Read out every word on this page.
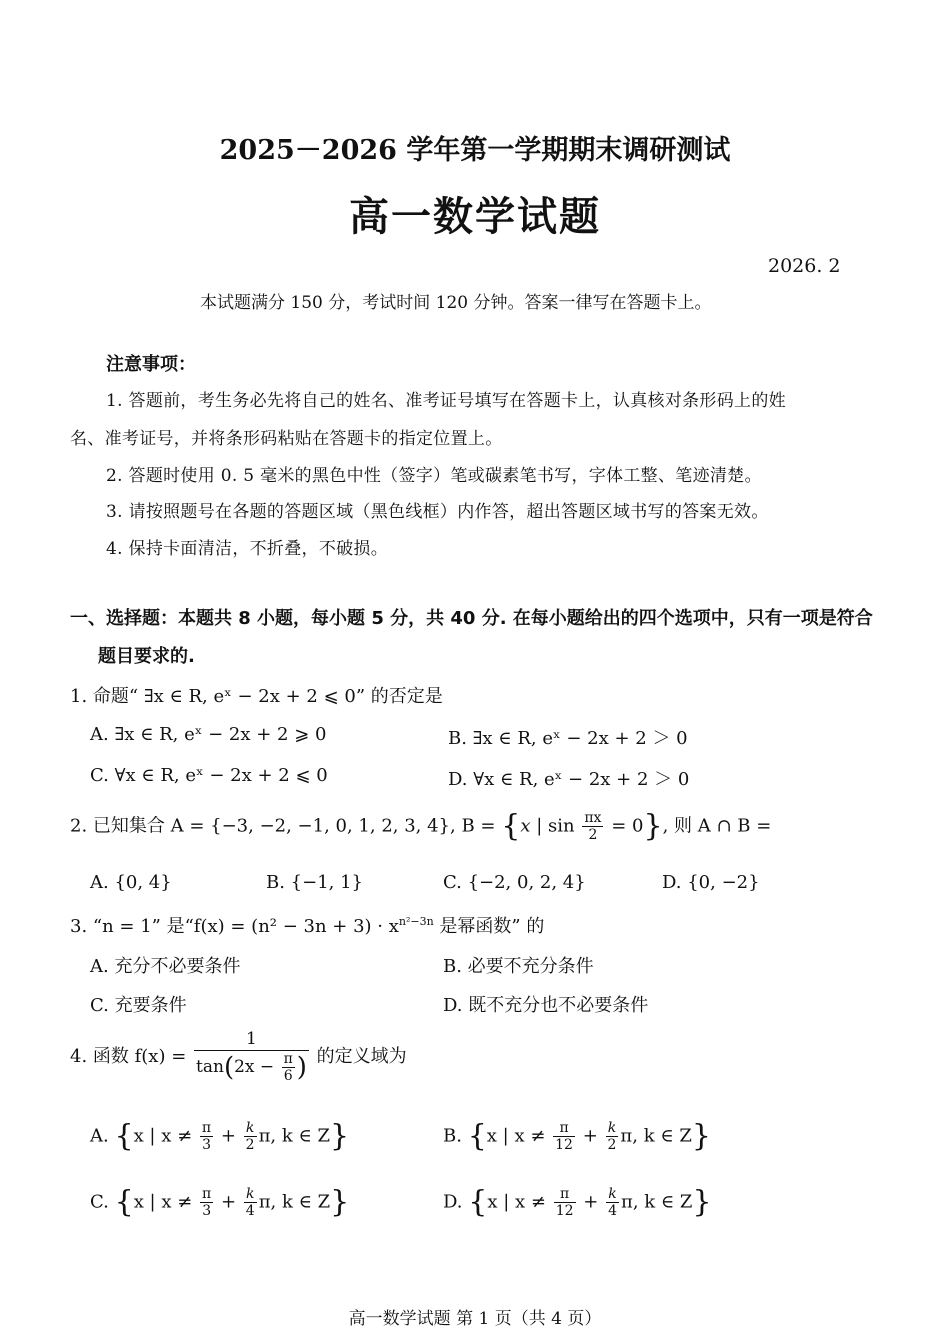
2025－2026 学年第一学期期末调研测试
高一数学试题
2026. 2
本试题满分 150 分，考试时间 120 分钟。答案一律写在答题卡上。
注意事项：
1. 答题前，考生务必先将自己的姓名、准考证号填写在答题卡上，认真核对条形码上的姓
名、准考证号，并将条形码粘贴在答题卡的指定位置上。
2. 答题时使用 0. 5 毫米的黑色中性（签字）笔或碳素笔书写，字体工整、笔迹清楚。
3. 请按照题号在各题的答题区域（黑色线框）内作答，超出答题区域书写的答案无效。
4. 保持卡面清洁，不折叠，不破损。
一、选择题：本题共 8 小题，每小题 5 分，共 40 分. 在每小题给出的四个选项中，只有一项是符合
题目要求的.
1. 命题“ ∃x ∈ R, eˣ − 2x + 2 ⩽ 0” 的否定是
A. ∃x ∈ R, eˣ − 2x + 2 ⩾ 0	B. ∃x ∈ R, eˣ − 2x + 2 ＞ 0
C. ∀x ∈ R, eˣ − 2x + 2 ⩽ 0	D. ∀x ∈ R, eˣ − 2x + 2 ＞ 0
2. 已知集合 A = {−3, −2, −1, 0, 1, 2, 3, 4}, B = {x | $\sin \frac{\pi x}{2} = 0$}, 则 A ∩ B =
A. {0, 4}	B. {−1, 1}	C. {−2, 0, 2, 4}	D. {0, −2}
3. “n = 1” 是“$f(x) = (n^2 - 3n + 3) \cdot x^{n^2-3n}$ 是幂函数” 的
A. 充分不必要条件	B. 必要不充分条件
C. 充要条件	D. 既不充分也不必要条件
4. 函数 $f(x) = \frac{1}{\tan(2x - \frac{\pi}{6} )}$ 的定义域为
A. {x | $x \ne \frac{\pi}{3} + \frac{k}{2} \pi$, k ∈ Z}	B. {x | $x \ne \frac{\pi}{12} + \frac{k}{2} \pi$, k ∈ Z}
C. {x | $x \ne \frac{\pi}{3} + \frac{k}{4} \pi$, k ∈ Z}	D. {x | $x \ne \frac{\pi}{12} + \frac{k}{4} \pi$, k ∈ Z}
高一数学试题 第 1 页（共 4 页）
